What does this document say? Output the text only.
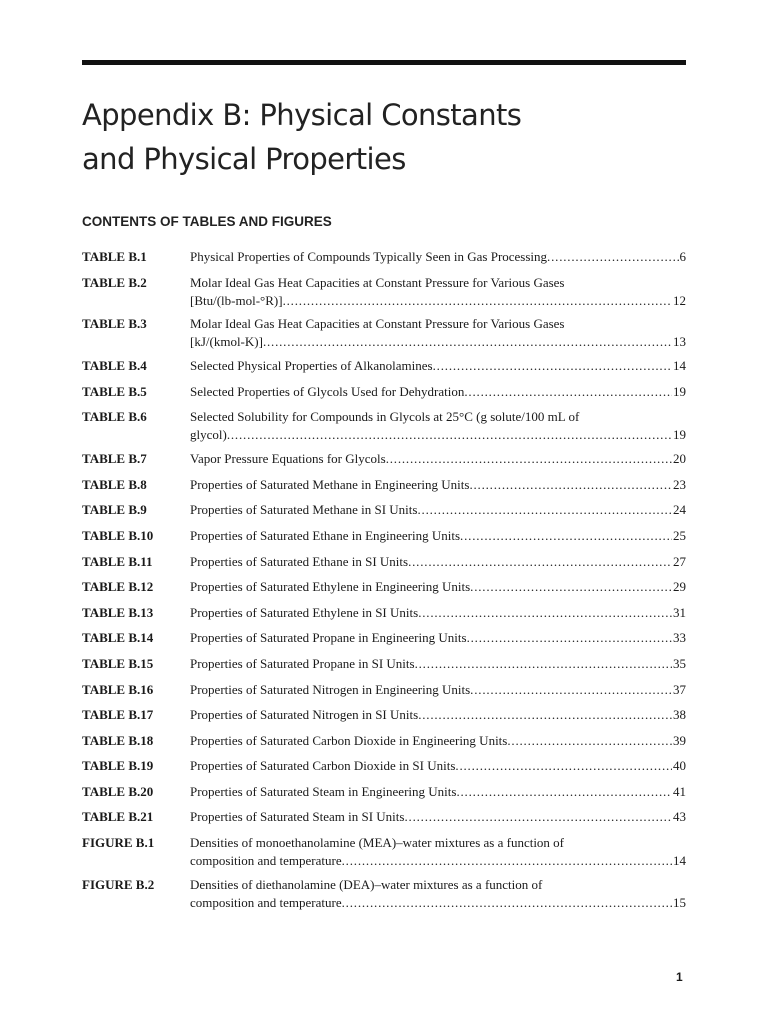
Appendix B: Physical Constants
and Physical Properties
CONTENTS OF TABLES AND FIGURES
TABLE B.1	Physical Properties of Compounds Typically Seen in Gas Processing .....	6
TABLE B.2	Molar Ideal Gas Heat Capacities at Constant Pressure for Various Gases
[Btu/(lb-mol-°R)] .....	12
TABLE B.3	Molar Ideal Gas Heat Capacities at Constant Pressure for Various Gases
[kJ/(kmol-K)] .....	13
TABLE B.4	Selected Physical Properties of Alkanolamines .....	14
TABLE B.5	Selected Properties of Glycols Used for Dehydration .....	19
TABLE B.6	Selected Solubility for Compounds in Glycols at 25°C (g solute/100 mL of
glycol) .....	19
TABLE B.7	Vapor Pressure Equations for Glycols .....	20
TABLE B.8	Properties of Saturated Methane in Engineering Units .....	23
TABLE B.9	Properties of Saturated Methane in SI Units .....	24
TABLE B.10	Properties of Saturated Ethane in Engineering Units .....	25
TABLE B.11	Properties of Saturated Ethane in SI Units .....	27
TABLE B.12	Properties of Saturated Ethylene in Engineering Units .....	29
TABLE B.13	Properties of Saturated Ethylene in SI Units .....	31
TABLE B.14	Properties of Saturated Propane in Engineering Units .....	33
TABLE B.15	Properties of Saturated Propane in SI Units .....	35
TABLE B.16	Properties of Saturated Nitrogen in Engineering Units .....	37
TABLE B.17	Properties of Saturated Nitrogen in SI Units .....	38
TABLE B.18	Properties of Saturated Carbon Dioxide in Engineering Units .....	39
TABLE B.19	Properties of Saturated Carbon Dioxide in SI Units .....	40
TABLE B.20	Properties of Saturated Steam in Engineering Units .....	41
TABLE B.21	Properties of Saturated Steam in SI Units .....	43
FIGURE B.1	Densities of monoethanolamine (MEA)–water mixtures as a function of
composition and temperature .....	14
FIGURE B.2	Densities of diethanolamine (DEA)–water mixtures as a function of
composition and temperature .....	15
1
